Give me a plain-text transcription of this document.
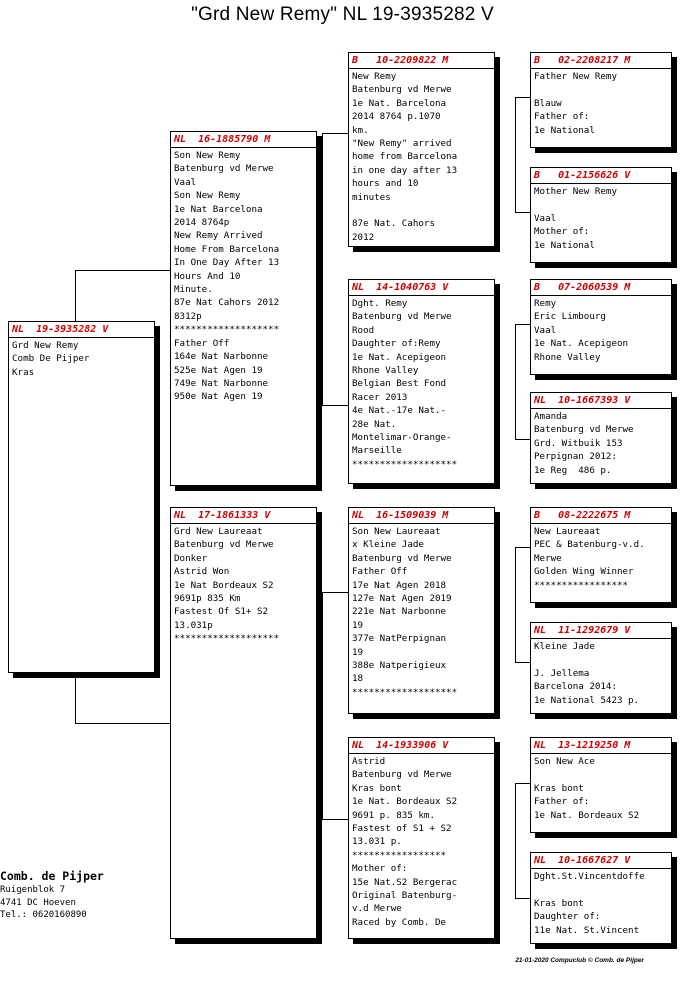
"Grd New Remy" NL 19-3935282 V
NL  19-3935282 V
Grd New Remy
Comb De Pijper
Kras
NL  16-1885790 M
Son New Remy
Batenburg vd Merwe
Vaal
Son New Remy
1e Nat Barcelona
2014 8764p
New Remy Arrived
Home From Barcelona
In One Day After 13
Hours And 10
Minute.
87e Nat Cahors 2012
8312p
*******************
Father Off
164e Nat Narbonne
525e Nat Agen 19
749e Nat Narbonne
950e Nat Agen 19
NL  17-1861333 V
Grd New Laureaat
Batenburg vd Merwe
Donker
Astrid Won
1e Nat Bordeaux S2
9691p 835 Km
Fastest Of S1+ S2
13.031p
*******************
B   10-2209822 M
New Remy
Batenburg vd Merwe
1e Nat. Barcelona
2014 8764 p.1070
km.
"New Remy" arrived
home from Barcelona
in one day after 13
hours and 10
minutes

87e Nat. Cahors
2012
NL  14-1040763 V
Dght. Remy
Batenburg vd Merwe
Rood
Daughter of:Remy
1e Nat. Acepigeon
Rhone Valley
Belgian Best Fond
Racer 2013
4e Nat.-17e Nat.-
28e Nat.
Montelimar-Orange-
Marseille
*******************
NL  16-1509039 M
Son New Laureaat
x Kleine Jade
Batenburg vd Merwe
Father Off
17e Nat Agen 2018
127e Nat Agen 2019
221e Nat Narbonne
19
377e NatPerpignan
19
388e Natperigieux
18
*******************
NL  14-1933906 V
Astrid
Batenburg vd Merwe
Kras bont
1e Nat. Bordeaux S2
9691 p. 835 km.
Fastest of S1 + S2
13.031 p.
*****************
Mother of:
15e Nat.S2 Bergerac
Original Batenburg-
v.d Merwe
Raced by Comb. De
B   02-2208217 M
Father New Remy

Blauw
Father of:
1e National
B   01-2156626 V
Mother New Remy

Vaal
Mother of:
1e National
B   07-2060539 M
Remy
Eric Limbourg
Vaal
1e Nat. Acepigeon
Rhone Valley
NL  10-1667393 V
Amanda
Batenburg vd Merwe
Grd. Witbuik 153
Perpignan 2012:
1e Reg  486 p.
B   08-2222675 M
New Laureaat
PEC & Batenburg-v.d.
Merwe
Golden Wing Winner
*****************
NL  11-1292679 V
Kleine Jade

J. Jellema
Barcelona 2014:
1e National 5423 p.
NL  13-1219250 M
Son New Ace

Kras bont
Father of:
1e Nat. Bordeaux S2
NL  10-1667627 V
Dght.St.Vincentdoffe

Kras bont
Daughter of:
11e Nat. St.Vincent
Comb. de Pijper
Ruigenblok 7
4741 DC Hoeven
Tel.: 0620160890
21-01-2020 Compuclub © Comb. de Pijper
